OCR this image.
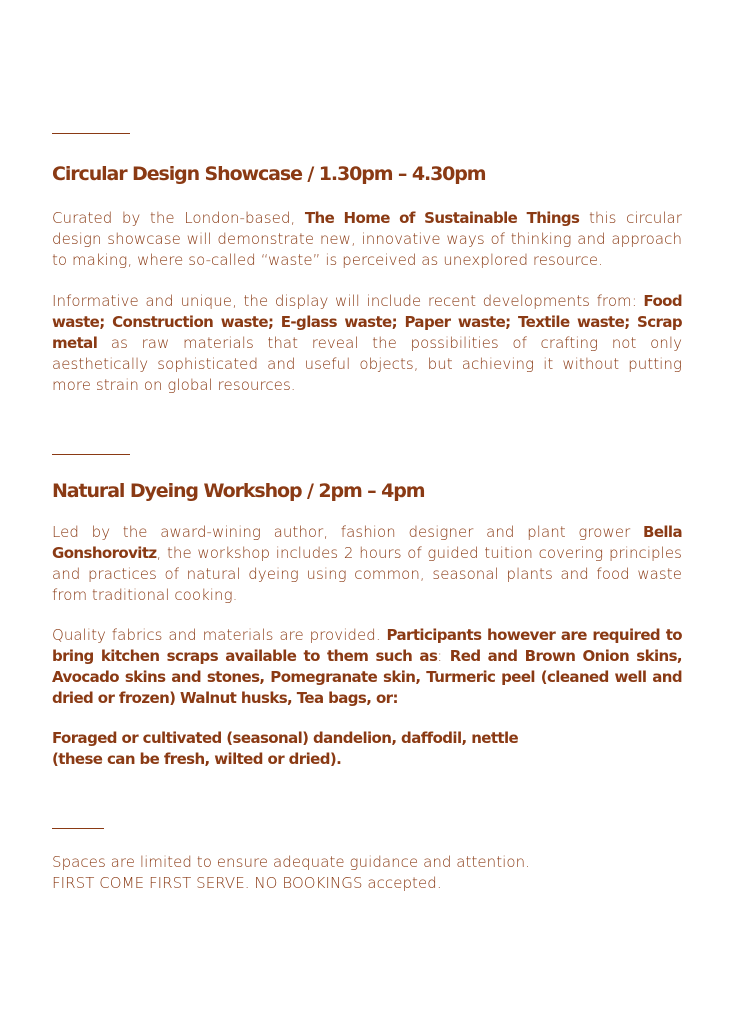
Circular Design Showcase / 1.30pm – 4.30pm

Curated by the London-based, The Home of Sustainable Things this circular design showcase will demonstrate new, innovative ways of thinking and approach to making, where so-called “waste” is perceived as unexplored resource.

Informative and unique, the display will include recent developments from: Food waste; Construction waste; E-glass waste; Paper waste; Textile waste; Scrap metal as raw materials that reveal the possibilities of crafting not only aesthetically sophisticated and useful objects, but achieving it without putting more strain on global resources.

Natural Dyeing Workshop / 2pm – 4pm

Led by the award-wining author, fashion designer and plant grower Bella Gonshorovitz, the workshop includes 2 hours of guided tuition covering principles and practices of natural dyeing using common, seasonal plants and food waste from traditional cooking.

Quality fabrics and materials are provided. Participants however are required to bring kitchen scraps available to them such as: Red and Brown Onion skins, Avocado skins and stones, Pomegranate skin, Turmeric peel (cleaned well and dried or frozen) Walnut husks, Tea bags, or:

Foraged or cultivated (seasonal) dandelion, daffodil, nettle
(these can be fresh, wilted or dried).

Spaces are limited to ensure adequate guidance and attention.
FIRST COME FIRST SERVE. NO BOOKINGS accepted.
